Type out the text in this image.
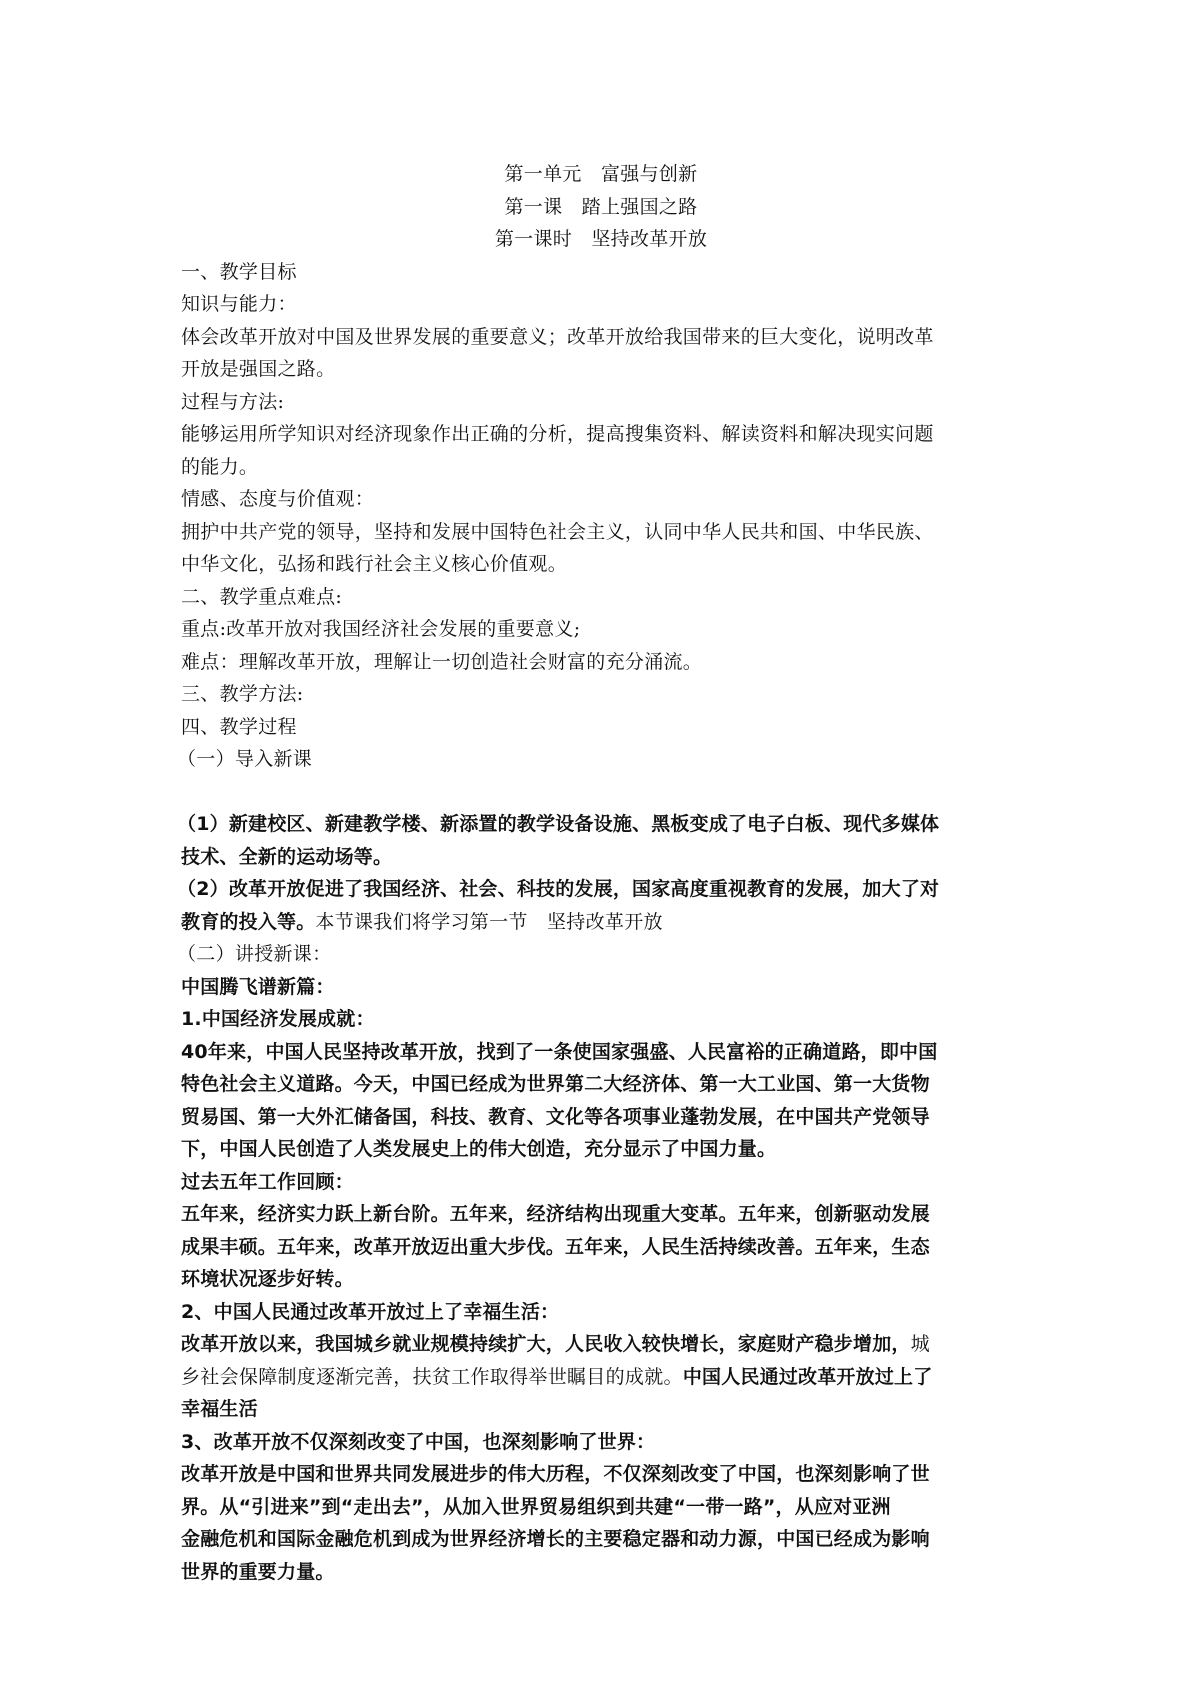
第一单元　富强与创新
第一课　踏上强国之路
第一课时　坚持改革开放
一、教学目标
知识与能力：
体会改革开放对中国及世界发展的重要意义；改革开放给我国带来的巨大变化，说明改革
开放是强国之路。
过程与方法:
能够运用所学知识对经济现象作出正确的分析，提高搜集资料、解读资料和解决现实问题
的能力。
情感、态度与价值观：
拥护中共产党的领导，坚持和发展中国特色社会主义，认同中华人民共和国、中华民族、
中华文化，弘扬和践行社会主义核心价值观。
二、教学重点难点:
重点:改革开放对我国经济社会发展的重要意义;
难点：理解改革开放，理解让一切创造社会财富的充分涌流。
三、教学方法:
四、教学过程
（一）导入新课
（1）新建校区、新建教学楼、新添置的教学设备设施、黑板变成了电子白板、现代多媒体
技术、全新的运动场等。
（2）改革开放促进了我国经济、社会、科技的发展，国家高度重视教育的发展，加大了对
教育的投入等。本节课我们将学习第一节　坚持改革开放
（二）讲授新课：
中国腾飞谱新篇：
1.中国经济发展成就：
40年来，中国人民坚持改革开放，找到了一条使国家强盛、人民富裕的正确道路，即中国
特色社会主义道路。今天，中国已经成为世界第二大经济体、第一大工业国、第一大货物
贸易国、第一大外汇储备国，科技、教育、文化等各项事业蓬勃发展，在中国共产党领导
下，中国人民创造了人类发展史上的伟大创造，充分显示了中国力量。
过去五年工作回顾：
五年来，经济实力跃上新台阶。五年来，经济结构出现重大变革。五年来，创新驱动发展
成果丰硕。五年来，改革开放迈出重大步伐。五年来，人民生活持续改善。五年来，生态
环境状况逐步好转。
2、中国人民通过改革开放过上了幸福生活：
改革开放以来，我国城乡就业规模持续扩大，人民收入较快增长，家庭财产稳步增加，城
乡社会保障制度逐渐完善，扶贫工作取得举世瞩目的成就。中国人民通过改革开放过上了
幸福生活
3、改革开放不仅深刻改变了中国，也深刻影响了世界：
改革开放是中国和世界共同发展进步的伟大历程，不仅深刻改变了中国，也深刻影响了世
界。从“引进来”到“走出去”，从加入世界贸易组织到共建“一带一路”，从应对亚洲
金融危机和国际金融危机到成为世界经济增长的主要稳定器和动力源，中国已经成为影响
世界的重要力量。
